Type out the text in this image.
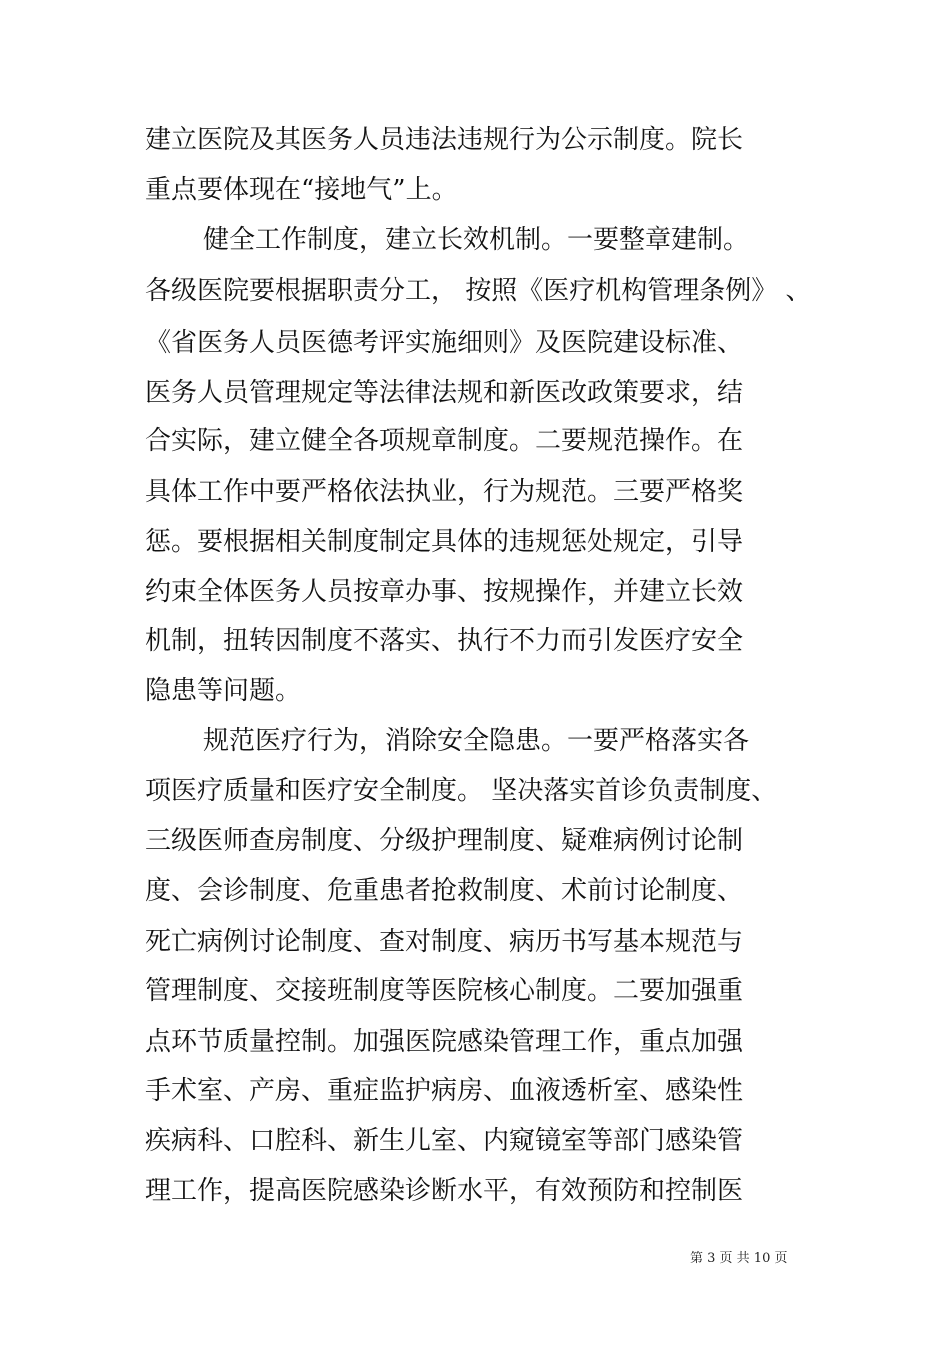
建立医院及其医务人员违法违规行为公示制度。院长
重点要体现在“接地气”上。
健全工作制度，建立长效机制。一要整章建制。
各级医院要根据职责分工， 按照《医疗机构管理条例》 、
《省医务人员医德考评实施细则》及医院建设标准、
医务人员管理规定等法律法规和新医改政策要求，结
合实际，建立健全各项规章制度。二要规范操作。在
具体工作中要严格依法执业，行为规范。三要严格奖
惩。要根据相关制度制定具体的违规惩处规定，引导
约束全体医务人员按章办事、按规操作，并建立长效
机制，扭转因制度不落实、执行不力而引发医疗安全
隐患等问题。
规范医疗行为，消除安全隐患。一要严格落实各
项医疗质量和医疗安全制度。 坚决落实首诊负责制度、
三级医师查房制度、分级护理制度、疑难病例讨论制
度、会诊制度、危重患者抢救制度、术前讨论制度、
死亡病例讨论制度、查对制度、病历书写基本规范与
管理制度、交接班制度等医院核心制度。二要加强重
点环节质量控制。加强医院感染管理工作，重点加强
手术室、产房、重症监护病房、血液透析室、感染性
疾病科、口腔科、新生儿室、内窥镜室等部门感染管
理工作，提高医院感染诊断水平，有效预防和控制医
第 3 页 共 10 页
